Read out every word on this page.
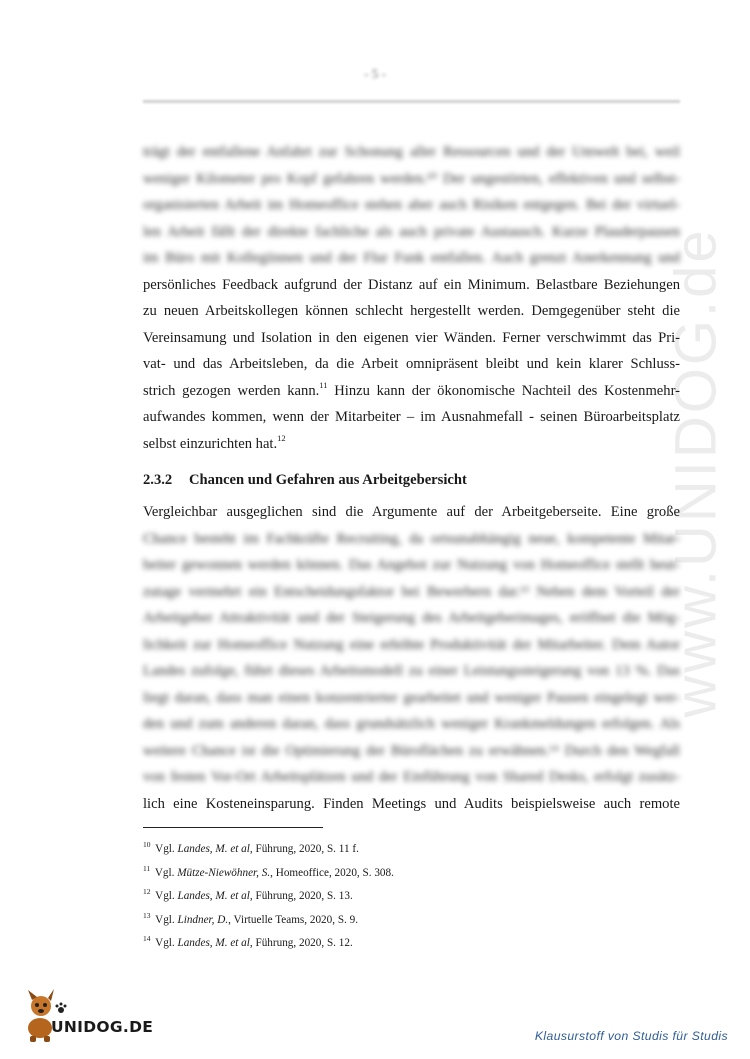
- 5 -
www.UNIDOG.de
trägt der entfallene Anfahrt zur Schonung aller Ressourcen und der Umwelt bei, weil
weniger Kilometer pro Kopf gefahren werden.¹⁰ Der ungestörten, effektiven und selbst-
organisierten Arbeit im Homeoffice stehen aber auch Risiken entgegen. Bei der virtuel-
len Arbeit fällt der direkte fachliche als auch private Austausch. Kurze Plauderpausen
im Büro mit Kollegiinnen und der Flur Funk entfallen. Auch grenzt Anerkennung und
persönliches Feedback aufgrund der Distanz auf ein Minimum. Belastbare Beziehungen
zu neuen Arbeitskollegen können schlecht hergestellt werden. Demgegenüber steht die
Vereinsamung und Isolation in den eigenen vier Wänden. Ferner verschwimmt das Pri-
vat- und das Arbeitsleben, da die Arbeit omnipräsent bleibt und kein klarer Schluss-
strich gezogen werden kann.$^{11}$ Hinzu kann der ökonomische Nachteil des Kostenmehr-
aufwandes kommen, wenn der Mitarbeiter – im Ausnahmefall - seinen Büroarbeitsplatz
selbst einzurichten hat.$^{12}$
2.3.2 Chancen und Gefahren aus Arbeitgebersicht
Vergleichbar ausgeglichen sind die Argumente auf der Arbeitgeberseite. Eine große
Chance besteht im Fachkräfte Recruiting, da ortsunabhängig neue, kompetente Mitar-
beiter gewonnen werden können. Das Angebot zur Nutzung von Homeoffice stellt heut-
zutage vermehrt ein Entscheidungsfaktor bei Bewerbern dar.¹³ Neben dem Vorteil der
Arbeitgeber Attraktivität und der Steigerung des Arbeitgeberimages, eröffnet die Mög-
lichkeit zur Homeoffice Nutzung eine erhöhte Produktivität der Mitarbeiter. Dem Autor
Landes zufolge, führt dieses Arbeitsmodell zu einer Leistungssteigerung von 13 %. Das
liegt daran, dass man einen konzentrierter gearbeitet und weniger Pausen eingelegt wer-
den und zum anderen daran, dass grundsätzlich weniger Krankmeldungen erfolgen. Als
weitere Chance ist die Optimierung der Büroflächen zu erwähnen.¹⁴ Durch den Wegfall
von festen Vor-Ort Arbeitsplätzen und der Einführung von Shared Desks, erfolgt zusätz-
lich eine Kosteneinsparung. Finden Meetings und Audits beispielsweise auch remote
$^{10}$ Vgl. Landes, M. et al, Führung, 2020, S. 11 f.
$^{11}$ Vgl. Mütze-Niewöhner, S., Homeoffice, 2020, S. 308.
$^{12}$ Vgl. Landes, M. et al, Führung, 2020, S. 13.
$^{13}$ Vgl. Lindner, D., Virtuelle Teams, 2020, S. 9.
$^{14}$ Vgl. Landes, M. et al, Führung, 2020, S. 12.
UNIDOG.DE	Klausurstoff von Studis für Studis
